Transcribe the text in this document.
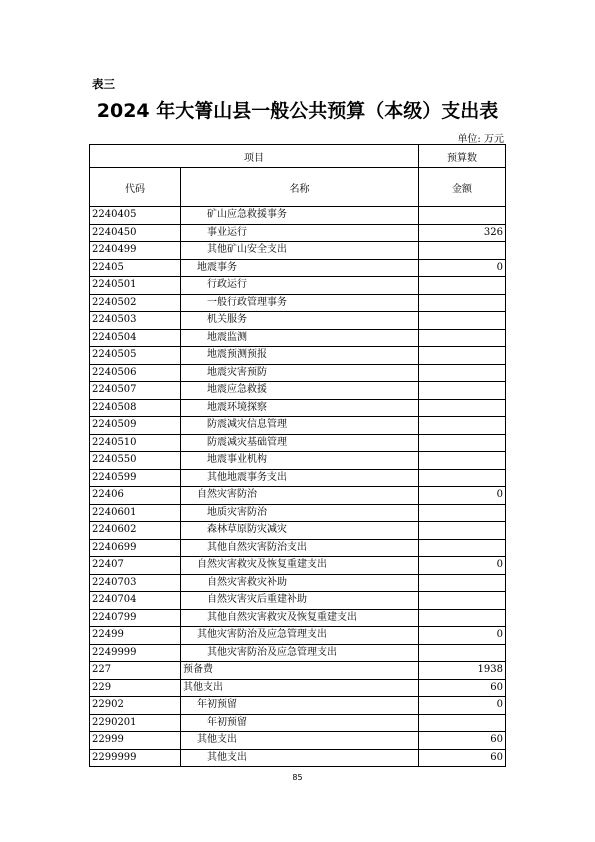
表三
2024 年大箐山县一般公共预算（本级）支出表
单位: 万元
项目		预算数
代码	名称	金额
2240405	矿山应急救援事务	
2240450	事业运行	326
2240499	其他矿山安全支出	
22405	地震事务	0
2240501	行政运行	
2240502	一般行政管理事务	
2240503	机关服务	
2240504	地震监测	
2240505	地震预测预报	
2240506	地震灾害预防	
2240507	地震应急救援	
2240508	地震环境探察	
2240509	防震减灾信息管理	
2240510	防震减灾基础管理	
2240550	地震事业机构	
2240599	其他地震事务支出	
22406	自然灾害防治	0
2240601	地质灾害防治	
2240602	森林草原防灾减灾	
2240699	其他自然灾害防治支出	
22407	自然灾害救灾及恢复重建支出	0
2240703	自然灾害救灾补助	
2240704	自然灾害灾后重建补助	
2240799	其他自然灾害救灾及恢复重建支出	
22499	其他灾害防治及应急管理支出	0
2249999	其他灾害防治及应急管理支出	
227	预备费	1938
229	其他支出	60
22902	年初预留	0
2290201	年初预留	
22999	其他支出	60
2299999	其他支出	60
85
